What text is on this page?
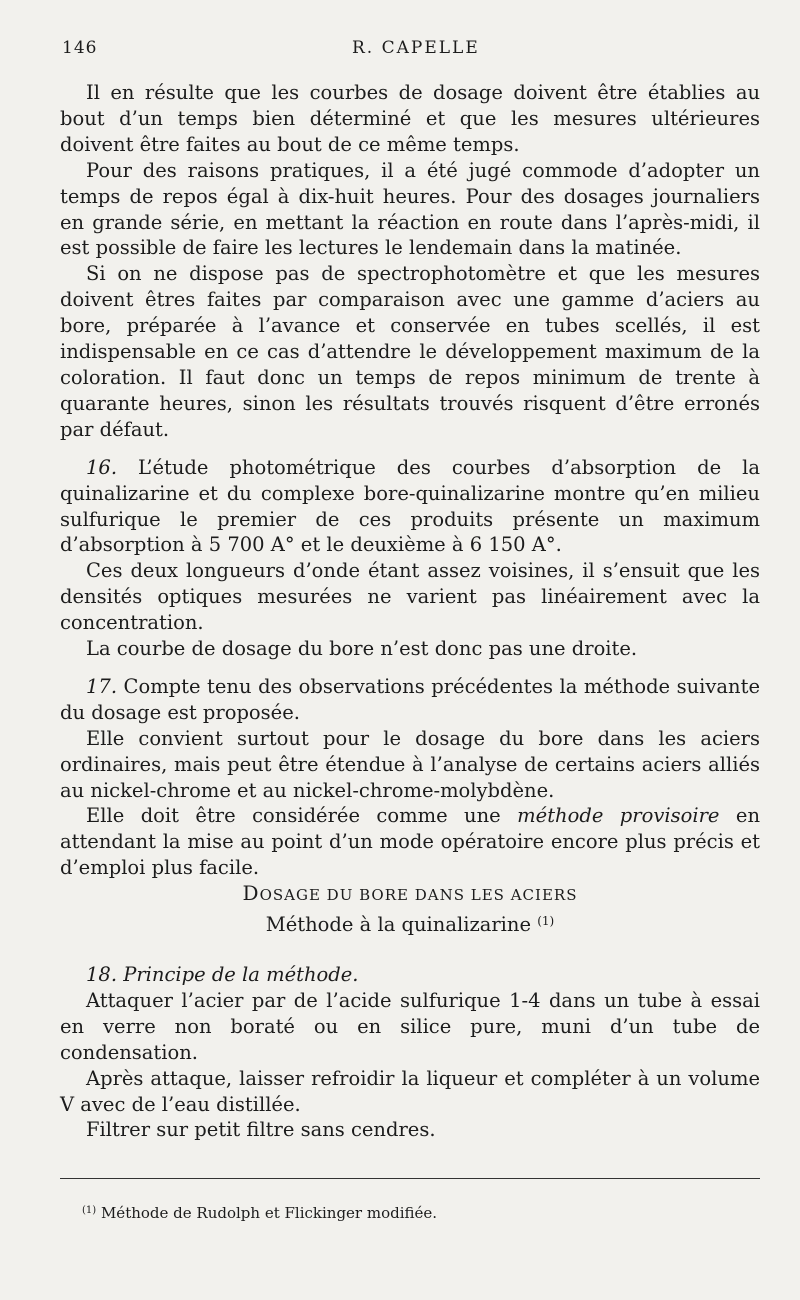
146	R. CAPELLE

Il en résulte que les courbes de dosage doivent être établies au bout d’un temps bien déterminé et que les mesures ultérieures doivent être faites au bout de ce même temps.

Pour des raisons pratiques, il a été jugé commode d’adopter un temps de repos égal à dix-huit heures. Pour des dosages journaliers en grande série, en mettant la réaction en route dans l’après-midi, il est possible de faire les lectures le lendemain dans la matinée.

Si on ne dispose pas de spectrophotomètre et que les mesures doivent êtres faites par comparaison avec une gamme d’aciers au bore, préparée à l’avance et conservée en tubes scellés, il est indispensable en ce cas d’attendre le développement maximum de la coloration. Il faut donc un temps de repos minimum de trente à quarante heures, sinon les résultats trouvés risquent d’être erronés par défaut.

16. L’étude photométrique des courbes d’absorption de la quinalizarine et du complexe bore-quinalizarine montre qu’en milieu sulfurique le premier de ces produits présente un maximum d’absorption à 5 700 A° et le deuxième à 6 150 A°.

Ces deux longueurs d’onde étant assez voisines, il s’ensuit que les densités optiques mesurées ne varient pas linéairement avec la concentration.

La courbe de dosage du bore n’est donc pas une droite.

17. Compte tenu des observations précédentes la méthode suivante du dosage est proposée.

Elle convient surtout pour le dosage du bore dans les aciers ordinaires, mais peut être étendue à l’analyse de certains aciers alliés au nickel-chrome et au nickel-chrome-molybdène.

Elle doit être considérée comme une méthode provisoire en attendant la mise au point d’un mode opératoire encore plus précis et d’emploi plus facile.

DOSAGE DU BORE DANS LES ACIERS

Méthode à la quinalizarine $^{(1)}$

18. Principe de la méthode.

Attaquer l’acier par de l’acide sulfurique 1-4 dans un tube à essai en verre non boraté ou en silice pure, muni d’un tube de condensation.

Après attaque, laisser refroidir la liqueur et compléter à un volume V avec de l’eau distillée.

Filtrer sur petit filtre sans cendres.

$^{(1)}$ Méthode de Rudolph et Flickinger modifiée.
